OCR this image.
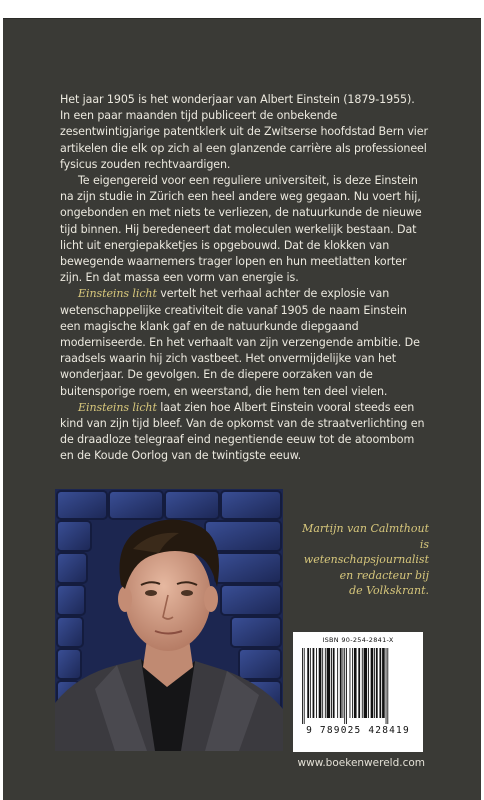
Het jaar 1905 is het wonderjaar van Albert Einstein (1879-1955). In een paar maanden tijd publiceert de onbekende zesentwintigjarige patentklerk uit de Zwitserse hoofdstad Bern vier artikelen die elk op zich al een glanzende carrière als professioneel fysicus zouden rechtvaardigen.

Te eigengereid voor een reguliere universiteit, is deze Einstein na zijn studie in Zürich een heel andere weg gegaan. Nu voert hij, ongebonden en met niets te verliezen, de natuurkunde de nieuwe tijd binnen. Hij beredeneert dat moleculen werkelijk bestaan. Dat licht uit energiepakketjes is opgebouwd. Dat de klokken van bewegende waarnemers trager lopen en hun meetlatten korter zijn. En dat massa een vorm van energie is.

Einsteins licht vertelt het verhaal achter de explosie van wetenschappelijke creativiteit die vanaf 1905 de naam Einstein een magische klank gaf en de natuurkunde diepgaand moderniseerde. En het verhaalt van zijn verzengende ambitie. De raadsels waarin hij zich vastbeet. Het onvermijdelijke van het wonderjaar. De gevolgen. En de diepere oorzaken van de buitensporige roem, en weerstand, die hem ten deel vielen.

Einsteins licht laat zien hoe Albert Einstein vooral steeds een kind van zijn tijd bleef. Van de opkomst van de straatverlichting en de draadloze telegraaf eind negentiende eeuw tot de atoombom en de Koude Oorlog van de twintigste eeuw.

Martijn van Calmthout
is wetenschapsjournalist
en redacteur bij
de Volkskrant.
ISBN 90-254-2841-X
9 789025 428419
www.boekenwereld.com
